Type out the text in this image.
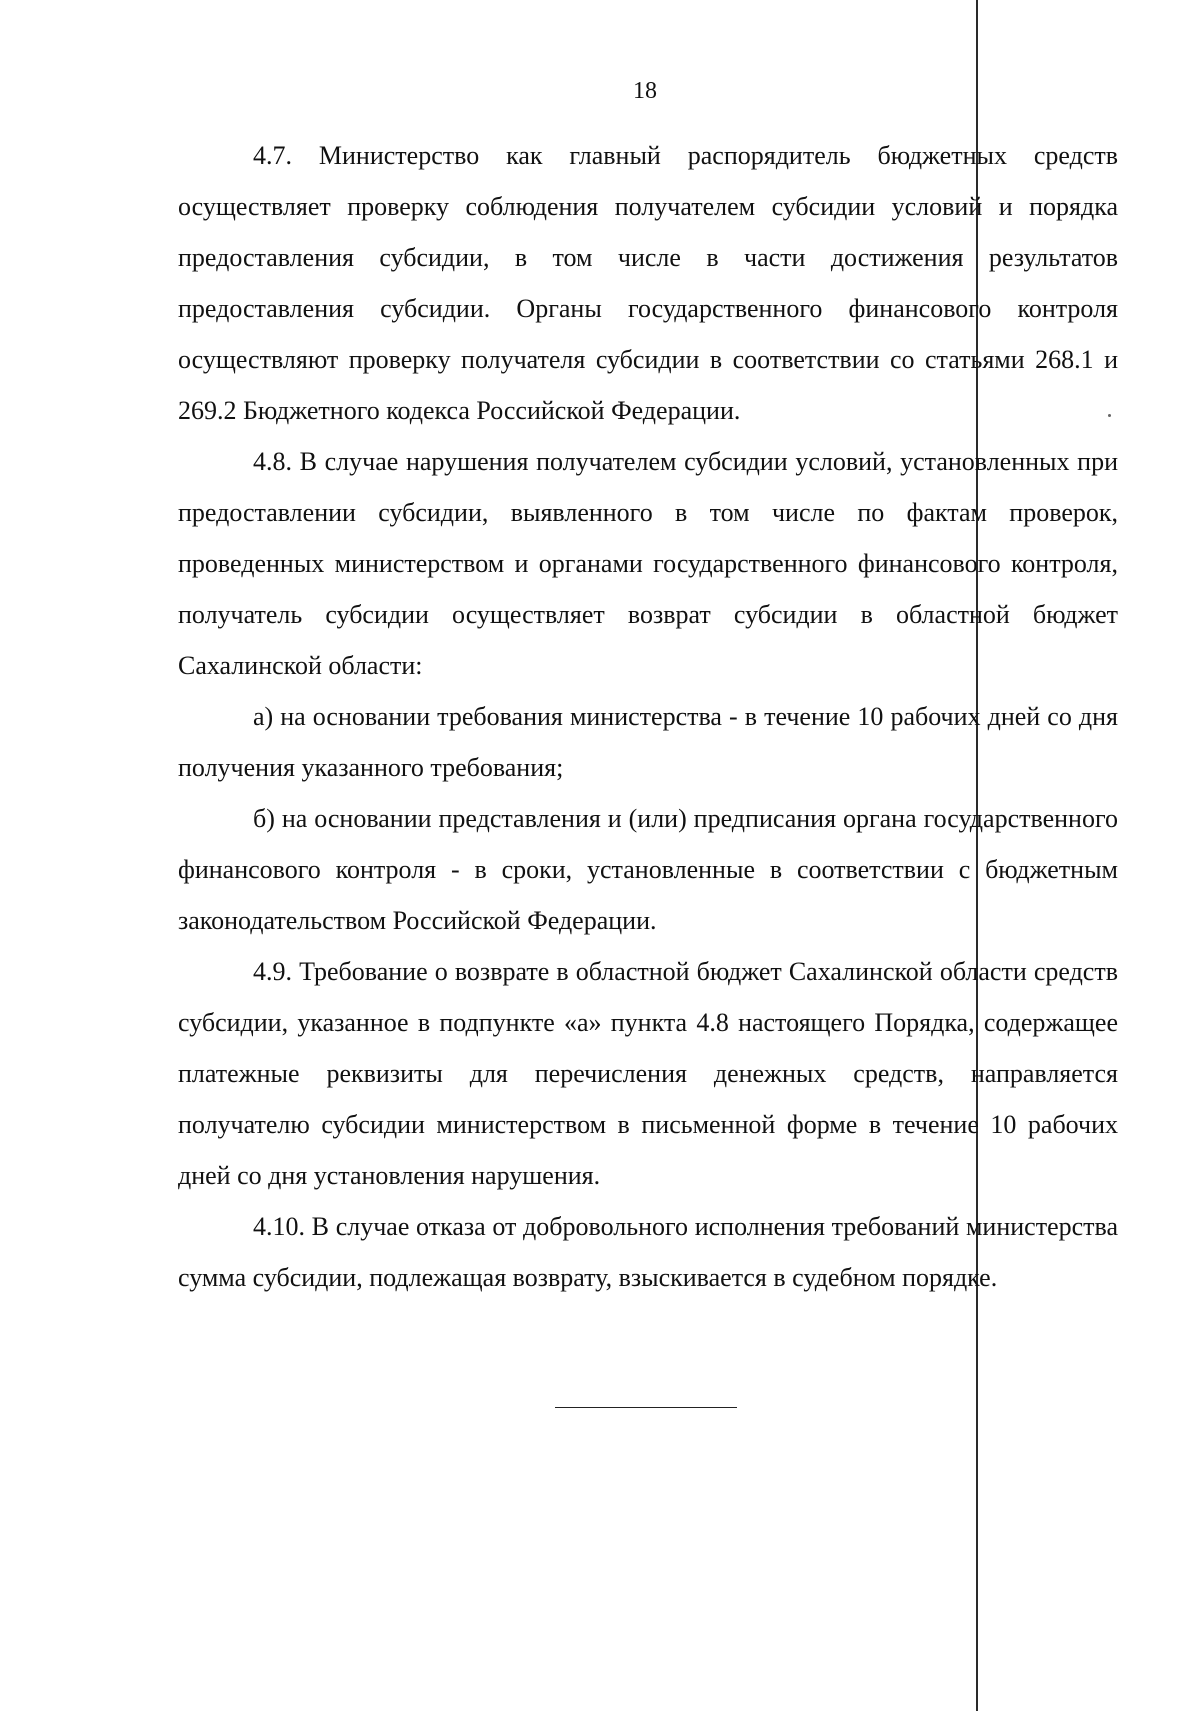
18

4.7. Министерство как главный распорядитель бюджетных средств осуществляет проверку соблюдения получателем субсидии условий и порядка предоставления субсидии, в том числе в части достижения результатов предоставления субсидии. Органы государственного финансового контроля осуществляют проверку получателя субсидии в соответствии со статьями 268.1 и 269.2 Бюджетного кодекса Российской Федерации.

4.8. В случае нарушения получателем субсидии условий, установленных при предоставлении субсидии, выявленного в том числе по фактам проверок, проведенных министерством и органами государственного финансового контроля, получатель субсидии осуществляет возврат субсидии в областной бюджет Сахалинской области:

а) на основании требования министерства - в течение 10 рабочих дней со дня получения указанного требования;

б) на основании представления и (или) предписания органа государственного финансового контроля - в сроки, установленные в соответствии с бюджетным законодательством Российской Федерации.

4.9. Требование о возврате в областной бюджет Сахалинской области средств субсидии, указанное в подпункте «а» пункта 4.8 настоящего Порядка, содержащее платежные реквизиты для перечисления денежных средств, направляется получателю субсидии министерством в письменной форме в течение 10 рабочих дней со дня установления нарушения.

4.10. В случае отказа от добровольного исполнения требований министерства сумма субсидии, подлежащая возврату, взыскивается в судебном порядке.
